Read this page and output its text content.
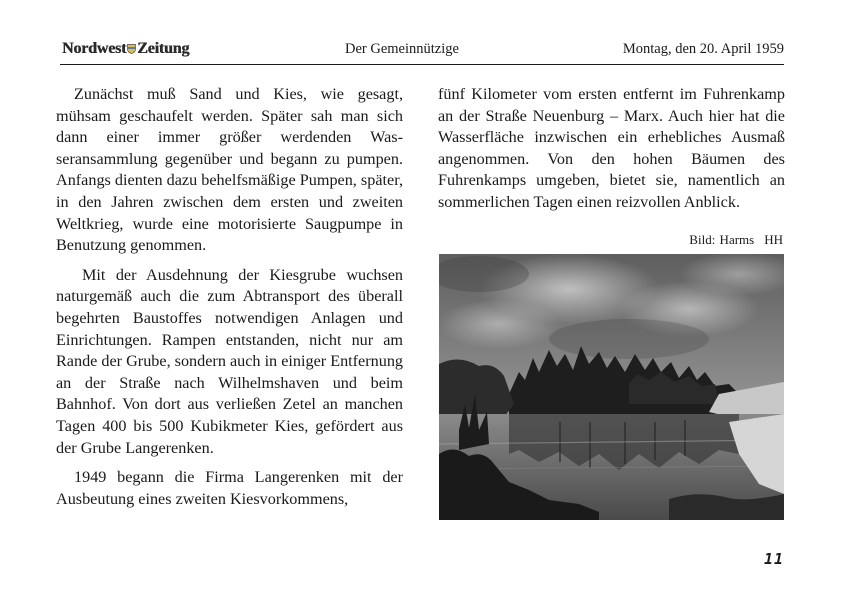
Nordwest Zeitung	Der Gemeinnützige	Montag, den 20. April 1959

Zunächst muß Sand und Kies, wie gesagt, mühsam geschaufelt werden. Später sah man sich dann einer immer größer werdenden Wasseransammlung gegenüber und begann zu pumpen. Anfangs dienten dazu behelfsmäßige Pumpen, später, in den Jahren zwischen dem ersten und zweiten Weltkrieg, wurde eine motorisierte Saugpumpe in Benutzung genommen.

Mit der Ausdehnung der Kiesgrube wuchsen naturgemäß auch die zum Abtransport des überall begehrten Baustoffes notwendigen Anlagen und Einrichtungen. Rampen entstanden, nicht nur am Rande der Grube, sondern auch in einiger Entfernung an der Straße nach Wilhelmshaven und beim Bahnhof. Von dort aus verließen Zetel an manchen Tagen 400 bis 500 Kubikmeter Kies, gefördert aus der Grube Langerenken.

1949 begann die Firma Langerenken mit der Ausbeutung eines zweiten Kiesvorkommens,

fünf Kilometer vom ersten entfernt im Fuhrenkamp an der Straße Neuenburg – Marx. Auch hier hat die Wasserfläche inzwischen ein erhebliches Ausmaß angenommen. Von den hohen Bäumen des Fuhrenkamps umgeben, bietet sie, namentlich an sommerlichen Tagen einen reizvollen Anblick.

Bild: Harms HH
11
